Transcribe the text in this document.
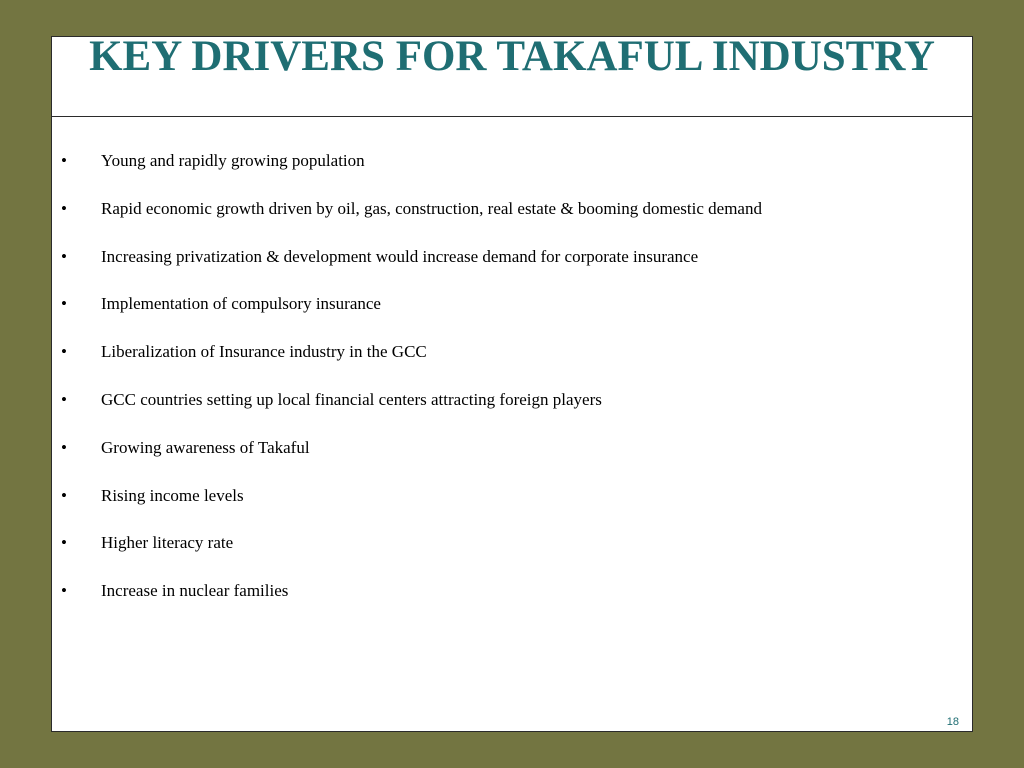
KEY DRIVERS FOR TAKAFUL INDUSTRY
• Young and rapidly growing population
• Rapid economic growth driven by oil, gas, construction, real estate & booming domestic demand
• Increasing privatization & development would increase demand for corporate insurance
• Implementation of compulsory insurance
• Liberalization of Insurance industry in the GCC
• GCC countries setting up local financial centers attracting foreign players
• Growing awareness of Takaful
• Rising income levels
• Higher literacy rate
• Increase in nuclear families
18
